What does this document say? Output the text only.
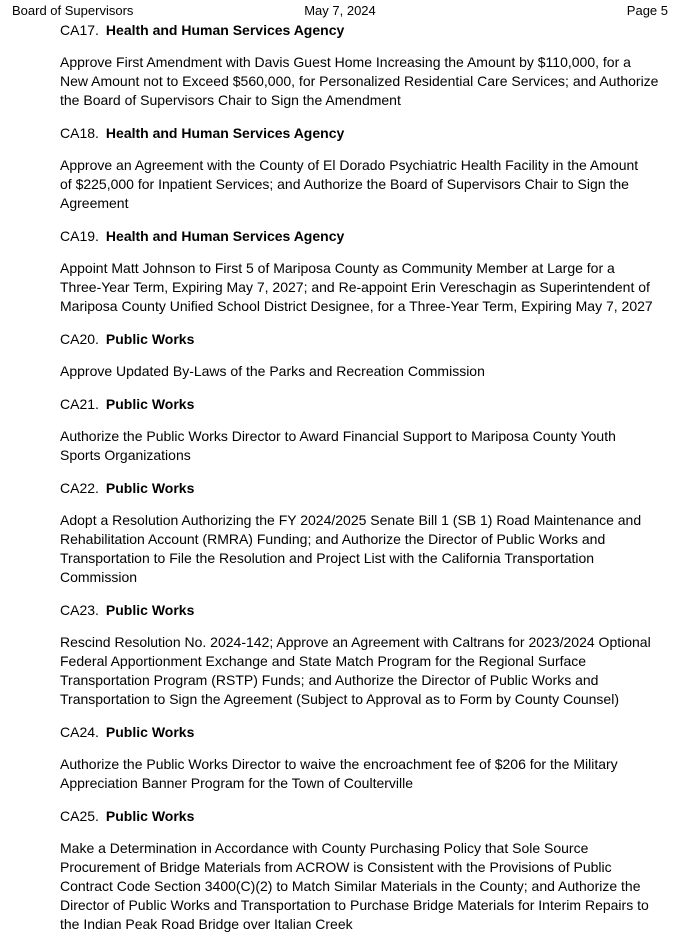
Board of Supervisors	May 7, 2024	Page 5
CA17. Health and Human Services Agency
Approve First Amendment with Davis Guest Home Increasing the Amount by $110,000, for a
New Amount not to Exceed $560,000, for Personalized Residential Care Services; and Authorize
the Board of Supervisors Chair to Sign the Amendment
CA18. Health and Human Services Agency
Approve an Agreement with the County of El Dorado Psychiatric Health Facility in the Amount
of $225,000 for Inpatient Services; and Authorize the Board of Supervisors Chair to Sign the
Agreement
CA19. Health and Human Services Agency
Appoint Matt Johnson to First 5 of Mariposa County as Community Member at Large for a
Three-Year Term, Expiring May 7, 2027; and Re-appoint Erin Vereschagin as Superintendent of
Mariposa County Unified School District Designee, for a Three-Year Term, Expiring May 7, 2027
CA20. Public Works
Approve Updated By-Laws of the Parks and Recreation Commission
CA21. Public Works
Authorize the Public Works Director to Award Financial Support to Mariposa County Youth
Sports Organizations
CA22. Public Works
Adopt a Resolution Authorizing the FY 2024/2025 Senate Bill 1 (SB 1) Road Maintenance and
Rehabilitation Account (RMRA) Funding; and Authorize the Director of Public Works and
Transportation to File the Resolution and Project List with the California Transportation
Commission
CA23. Public Works
Rescind Resolution No. 2024-142; Approve an Agreement with Caltrans for 2023/2024 Optional
Federal Apportionment Exchange and State Match Program for the Regional Surface
Transportation Program (RSTP) Funds; and Authorize the Director of Public Works and
Transportation to Sign the Agreement (Subject to Approval as to Form by County Counsel)
CA24. Public Works
Authorize the Public Works Director to waive the encroachment fee of $206 for the Military
Appreciation Banner Program for the Town of Coulterville
CA25. Public Works
Make a Determination in Accordance with County Purchasing Policy that Sole Source
Procurement of Bridge Materials from ACROW is Consistent with the Provisions of Public
Contract Code Section 3400(C)(2) to Match Similar Materials in the County; and Authorize the
Director of Public Works and Transportation to Purchase Bridge Materials for Interim Repairs to
the Indian Peak Road Bridge over Italian Creek
